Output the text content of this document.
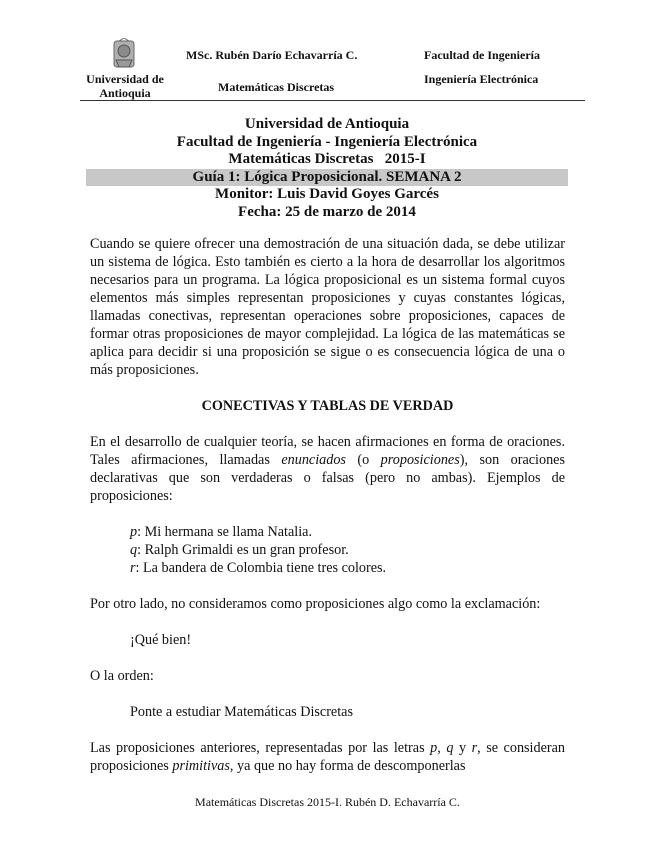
Universidad de Antioquia
MSc. Rubén Darío Echavarría C.
Matemáticas Discretas
Facultad de Ingeniería
Ingeniería Electrónica
Universidad de Antioquia
Facultad de Ingeniería - Ingeniería Electrónica
Matemáticas Discretas   2015-I
Guía 1: Lógica Proposicional. SEMANA 2
Monitor: Luis David Goyes Garcés
Fecha: 25 de marzo de 2014

Cuando se quiere ofrecer una demostración de una situación dada, se debe utilizar un sistema de lógica. Esto también es cierto a la hora de desarrollar los algoritmos necesarios para un programa. La lógica proposicional es un sistema formal cuyos elementos más simples representan proposiciones y cuyas constantes lógicas, llamadas conectivas, representan operaciones sobre proposiciones, capaces de formar otras proposiciones de mayor complejidad. La lógica de las matemáticas se aplica para decidir si una proposición se sigue o es consecuencia lógica de una o más proposiciones.

CONECTIVAS Y TABLAS DE VERDAD

En el desarrollo de cualquier teoría, se hacen afirmaciones en forma de oraciones. Tales afirmaciones, llamadas enunciados (o proposiciones), son oraciones declarativas que son verdaderas o falsas (pero no ambas). Ejemplos de proposiciones:

p: Mi hermana se llama Natalia.

q: Ralph Grimaldi es un gran profesor.

r: La bandera de Colombia tiene tres colores.

Por otro lado, no consideramos como proposiciones algo como la exclamación:

¡Qué bien!

O la orden:

Ponte a estudiar Matemáticas Discretas

Las proposiciones anteriores, representadas por las letras p, q y r, se consideran proposiciones primitivas, ya que no hay forma de descomponerlas

Matemáticas Discretas 2015-I. Rubén D. Echavarría C.
